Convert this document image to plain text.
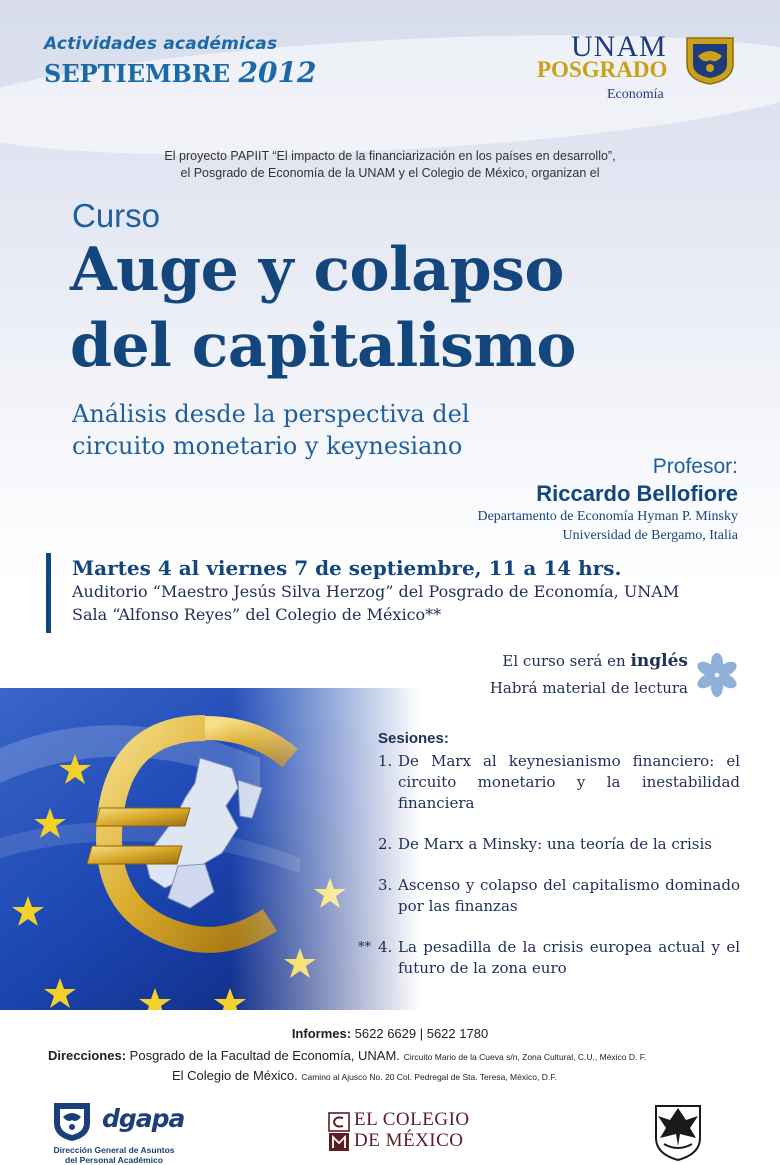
Actividades académicas
SEPTIEMBRE 2012
UNAM
POSGRADO
Economía
El proyecto PAPIIT “El impacto de la financiarización en los países en desarrollo”,
el Posgrado de Economía de la UNAM y el Colegio de México, organizan el
Curso
Auge y colapso
del capitalismo
Análisis desde la perspectiva del
circuito monetario y keynesiano
Profesor:
Riccardo Bellofiore
Departamento de Economía Hyman P. Minsky
Universidad de Bergamo, Italia
Martes 4 al viernes 7 de septiembre, 11 a 14 hrs.
Auditorio “Maestro Jesús Silva Herzog” del Posgrado de Economía, UNAM
Sala “Alfonso Reyes” del Colegio de México**
El curso será en inglés
Habrá material de lectura
Sesiones:
1. De Marx al keynesianismo financiero: el circuito monetario y la inestabilidad financiera
2. De Marx a Minsky: una teoría de la crisis
3. Ascenso y colapso del capitalismo dominado por las finanzas
** 4. La pesadilla de la crisis europea actual y el futuro de la zona euro
Informes: 5622 6629 | 5622 1780
Direcciones: Posgrado de la Facultad de Economía, UNAM. Circuito Mario de la Cueva s/n, Zona Cultural, C.U., México D. F.
El Colegio de México. Camino al Ajusco No. 20 Col. Pedregal de Sta. Teresa, México, D.F.
dgapa
Dirección General de Asuntos
del Personal Académico
EL COLEGIO
DE MÉXICO
